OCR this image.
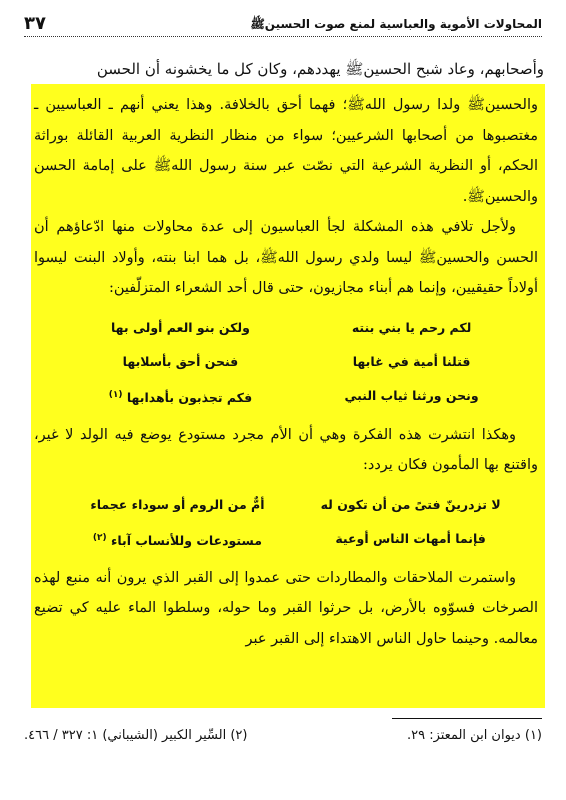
المحاولات الأموية والعباسية لمنع صوت الحسينﷺ
٣٧
وأصحابهم، وعاد شبح الحسينﷺ يهددهم، وكان كل ما يخشونه أن الحسن

والحسينﷺ ولدا رسول اللهﷺ؛ فهما أحق بالخلافة. وهذا يعني أنهم ـ العباسيين ـ مغتصبوها من أصحابها الشرعيين؛ سواء من منظار النظرية العربية القائلة بوراثة الحكم، أو النظرية الشرعية التي نصّت عبر سنة رسول اللهﷺ على إمامة الحسن والحسينﷺ.

ولأجل تلافي هذه المشكلة لجأ العباسيون إلى عدة محاولات منها ادّعاؤهم أن الحسن والحسينﷺ ليسا ولدي رسول اللهﷺ، بل هما ابنا بنته، وأولاد البنت ليسوا أولاداً حقيقيين، وإنما هم أبناء مجازيون، حتى قال أحد الشعراء المتزلّفين:

لكم رحم يا بني بنته
ولكن بنو العم أولى بها
قتلنا أمية في غابها
فنحن أحق بأسلابها
ونحن ورثنا ثياب النبي
فكم تجذبون بأهدابها $^{(١)}$

وهكذا انتشرت هذه الفكرة وهي أن الأم مجرد مستودع يوضع فيه الولد لا غير، واقتنع بها المأمون فكان يردد:

لا تزدرينّ فتىً من أن تكون له
أمٌّ من الروم أو سوداء عجماء
فإنما أمهات الناس أوعية
مستودعات وللأنساب آباء $^{(٢)}$

واستمرت الملاحقات والمطاردات حتى عمدوا إلى القبر الذي يرون أنه منبع لهذه الصرخات فسوّوه بالأرض، بل حرثوا القبر وما حوله، وسلطوا الماء عليه كي تضيع معالمه. وحينما حاول الناس الاهتداء إلى القبر عبر

(١) ديوان ابن المعتز: ٢٩.
(٢) السِّير الكبير (الشيباني) ١: ٣٢٧ / ٤٦٦.
